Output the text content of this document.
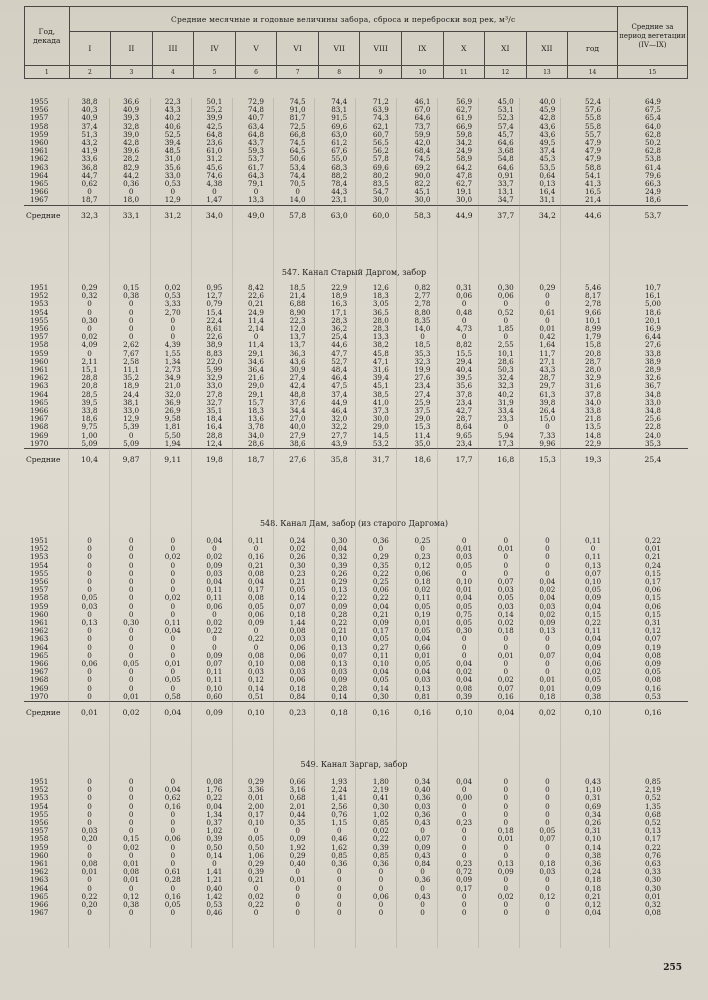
Год, декада	Средние месячные и годовые величины забора, сброса и переброски вод рек, м³/с													Средние за период вегетации (IV—IX)
	I	II	III	IV	V	VI	VII	VIII	IX	X	XI	XII	год	
1	2	3	4	5	6	7	8	9	10	11	12	13	14	15
1955	38,8	36,6	22,3	50,1	72,9	74,5	74,4	71,2	46,1	56,9	45,0	40,0	52,4	64,9
1956	40,3	40,9	43,3	25,2	74,8	91,0	83,1	63,9	67,0	62,7	53,1	45,9	57,6	67,5
1957	40,9	39,3	40,2	39,9	40,7	81,7	91,5	74,3	64,6	61,9	52,3	42,8	55,8	65,4
1958	37,4	32,8	40,6	42,5	63,4	72,5	69,6	62,1	73,7	66,9	57,4	43,6	55,8	64,0
1959	51,3	39,0	52,5	64,8	64,8	66,8	63,0	60,7	59,9	59,8	45,7	43,6	55,7	62,8
1960	43,2	42,8	39,4	23,6	43,7	74,5	61,2	56,5	42,0	34,2	64,6	49,5	47,9	50,2
1961	41,9	39,6	48,5	61,0	59,3	64,5	67,6	56,2	68,4	24,9	3,68	37,4	47,9	62,8
1962	33,6	28,2	31,0	31,2	53,7	50,6	55,0	57,8	74,5	58,9	54,8	45,3	47,9	53,8
1963	36,8	82,9	35,6	45,6	61,7	53,4	68,3	69,6	69,2	64,2	64,6	53,5	58,8	61,4
1964	44,7	44,2	33,0	74,6	64,3	74,4	88,2	80,2	90,0	47,8	0,91	0,64	54,1	79,6
1965	0,62	0,36	0,53	4,38	79,1	70,5	78,4	83,5	82,2	62,7	33,7	0,13	41,3	66,3
1966	0	0	0	0	0	0	44,3	54,7	45,1	19,1	13,1	16,4	16,5	24,9
1967	18,7	18,0	12,9	1,47	13,3	14,0	23,1	30,0	30,0	30,0	34,7	31,1	21,4	18,6
Средние	32,3	33,1	31,2	34,0	49,0	57,8	63,0	60,0	58,3	44,9	37,7	34,2	44,6	53,7
547. Канал Старый Даргом, забор
1951	0,29	0,15	0,02	0,95	8,42	18,5	22,9	12,6	0,82	0,31	0,30	0,29	5,46	10,7
1952	0,32	0,38	0,53	12,7	22,6	21,4	18,9	18,3	2,77	0,06	0,06	0	8,17	16,1
1953	0	0	3,33	0,79	0,21	6,88	16,3	3,05	2,78	0	0	0	2,78	5,00
1954	0	0	2,70	15,4	24,9	8,90	17,1	36,5	8,80	0,48	0,52	0,61	9,66	18,6
1955	0,30	0	0	22,4	11,4	22,3	28,3	28,0	8,35	0	0	0	10,1	20,1
1956	0	0	0	8,61	2,14	12,0	36,2	28,3	14,0	4,73	1,85	0,01	8,99	16,9
1957	0,02	0	0	22,6	0	13,7	25,4	13,3	0	0	0	0,42	1,79	6,44
1958	4,09	2,62	4,39	38,9	11,4	13,7	44,6	38,2	18,5	8,82	2,55	1,64	15,8	27,6
1959	0	7,67	1,55	8,83	29,1	36,3	47,7	45,8	35,3	15,5	10,1	11,7	20,8	33,8
1960	2,11	2,58	1,34	22,0	34,6	43,6	52,7	47,1	32,3	29,4	28,6	27,1	28,7	38,9
1961	15,1	11,1	2,73	5,99	36,4	30,9	48,4	31,6	19,9	40,4	50,3	43,3	28,0	28,9
1962	28,8	35,2	34,9	32,9	21,6	27,4	46,4	39,4	27,6	39,5	32,4	28,7	32,9	32,6
1963	20,8	18,9	21,0	33,0	29,0	42,4	47,5	45,1	23,4	35,6	32,3	29,7	31,6	36,7
1964	28,5	24,4	32,0	27,8	29,1	48,8	37,4	38,5	27,4	37,8	40,2	61,3	37,8	34,8
1965	39,5	38,1	36,9	32,7	15,7	37,6	44,9	41,0	25,9	23,4	31,9	39,8	34,0	33,0
1966	33,8	33,0	26,9	35,1	18,3	34,4	46,4	37,3	37,5	42,7	33,4	26,4	33,8	34,8
1967	18,6	12,9	9,58	18,4	13,6	27,0	32,0	30,0	29,0	28,7	23,3	15,0	21,8	25,6
1968	9,75	5,39	1,81	16,4	3,78	40,0	32,2	29,0	15,3	8,64	0	0	13,5	22,8
1969	1,00	0	5,50	28,8	34,0	27,9	27,7	14,5	11,4	9,65	5,94	7,33	14,8	24,0
1970	5,09	5,09	1,94	12,4	28,6	38,6	43,9	53,2	35,0	23,4	17,3	9,96	22,9	35,3
Средние	10,4	9,87	9,11	19,8	18,7	27,6	35,8	31,7	18,6	17,7	16,8	15,3	19,3	25,4
548. Канал Дам, забор (из старого Даргома)
1951	0	0	0	0,04	0,11	0,24	0,30	0,36	0,25	0	0	0	0,11	0,22
1952	0	0	0	0	0	0,02	0,04	0	0	0,01	0,01	0	0	0,01
1953	0	0	0,02	0,02	0,16	0,26	0,32	0,29	0,23	0,03	0	0	0,11	0,21
1954	0	0	0	0,09	0,21	0,30	0,39	0,35	0,12	0,05	0	0	0,13	0,24
1955	0	0	0	0,03	0,08	0,23	0,26	0,22	0,06	0	0	0	0,07	0,15
1956	0	0	0	0,04	0,04	0,21	0,29	0,25	0,18	0,10	0,07	0,04	0,10	0,17
1957	0	0	0	0,11	0,17	0,05	0,13	0,06	0,02	0,01	0,03	0,02	0,05	0,06
1958	0,05	0	0,02	0,11	0,08	0,14	0,22	0,22	0,11	0,04	0,05	0,04	0,09	0,15
1959	0,03	0	0	0,06	0,05	0,07	0,09	0,04	0,05	0,05	0,03	0,03	0,04	0,06
1960	0	0	0	0	0,06	0,18	0,28	0,21	0,19	0,75	0,14	0,02	0,15	0,15
1961	0,13	0,30	0,11	0,02	0,09	1,44	0,22	0,09	0,01	0,05	0,02	0,09	0,22	0,31
1962	0	0	0,04	0,22	0	0,08	0,21	0,17	0,05	0,30	0,18	0,13	0,11	0,12
1963	0	0	0	0	0,22	0,03	0,10	0,05	0,04	0	0	0	0,04	0,07
1964	0	0	0	0	0	0,06	0,13	0,27	0,66	0	0	0	0,09	0,19
1965	0	0	0	0,09	0,08	0,06	0,07	0,11	0,01	0	0,01	0,07	0,04	0,08
1966	0,06	0,05	0,01	0,07	0,10	0,08	0,13	0,10	0,05	0,04	0	0	0,06	0,09
1967	0	0	0	0,11	0,03	0,03	0,03	0,04	0,04	0,02	0	0	0,02	0,05
1968	0	0	0,05	0,11	0,12	0,06	0,09	0,05	0,03	0,04	0,02	0,01	0,05	0,08
1969	0	0	0	0,10	0,14	0,18	0,28	0,14	0,13	0,08	0,07	0,01	0,09	0,16
1970	0	0,01	0,58	0,60	0,51	0,84	0,14	0,30	0,81	0,39	0,16	0,18	0,38	0,53
Средние	0,01	0,02	0,04	0,09	0,10	0,23	0,18	0,16	0,16	0,10	0,04	0,02	0,10	0,16
549. Канал Заргар, забор
1951	0	0	0	0,08	0,29	0,66	1,93	1,80	0,34	0,04	0	0	0,43	0,85
1952	0	0	0,04	1,76	3,36	3,16	2,24	2,19	0,40	0	0	0	1,10	2,19
1953	0	0	0,62	0,22	0,01	0,68	1,41	0,41	0,36	0,00	0	0	0,31	0,52
1954	0	0	0,16	0,04	2,00	2,01	2,56	0,30	0,03	0	0	0	0,69	1,35
1955	0	0	0	1,34	0,17	0,44	0,76	1,02	0,36	0	0	0	0,34	0,68
1956	0	0	0	0,37	0,10	0,35	1,15	0,85	0,43	0,23	0	0	0,26	0,52
1957	0,03	0	0	1,02	0	0	0	0,02	0	0	0,18	0,05	0,31	0,13
1958	0,20	0,15	0,06	0,39	0,05	0,09	0,46	0,22	0,07	0	0,01	0,07	0,10	0,17
1959	0	0,02	0	0,50	0,50	1,92	1,62	0,39	0,09	0	0	0	0,14	0,22
1960	0	0	0	0,14	1,06	0,29	0,85	0,85	0,43	0	0	0	0,38	0,76
1961	0,08	0,01	0	0	0,29	0,40	0,36	0,36	0,84	0,23	0,13	0,18	0,36	0,63
1962	0,01	0,08	0,61	1,41	0,39	0	0	0	0	0,72	0,09	0,03	0,24	0,33
1963	0	0,01	0,28	1,21	0,21	0,01	0	0	0,36	0,09	0	0	0,18	0,30
1964	0	0	0	0,40	0	0	0	0	0	0,17	0	0	0,18	0,30
1965	0,22	0,12	0,16	1,42	0,02	0	0	0,06	0,43	0	0,02	0,12	0,21	0,01
1966	0,20	0,38	0,05	0,53	0,22	0	0	0	0	0	0	0	0,12	0,32
1967	0	0	0	0,46	0	0	0	0	0	0	0	0	0,04	0,08
255
